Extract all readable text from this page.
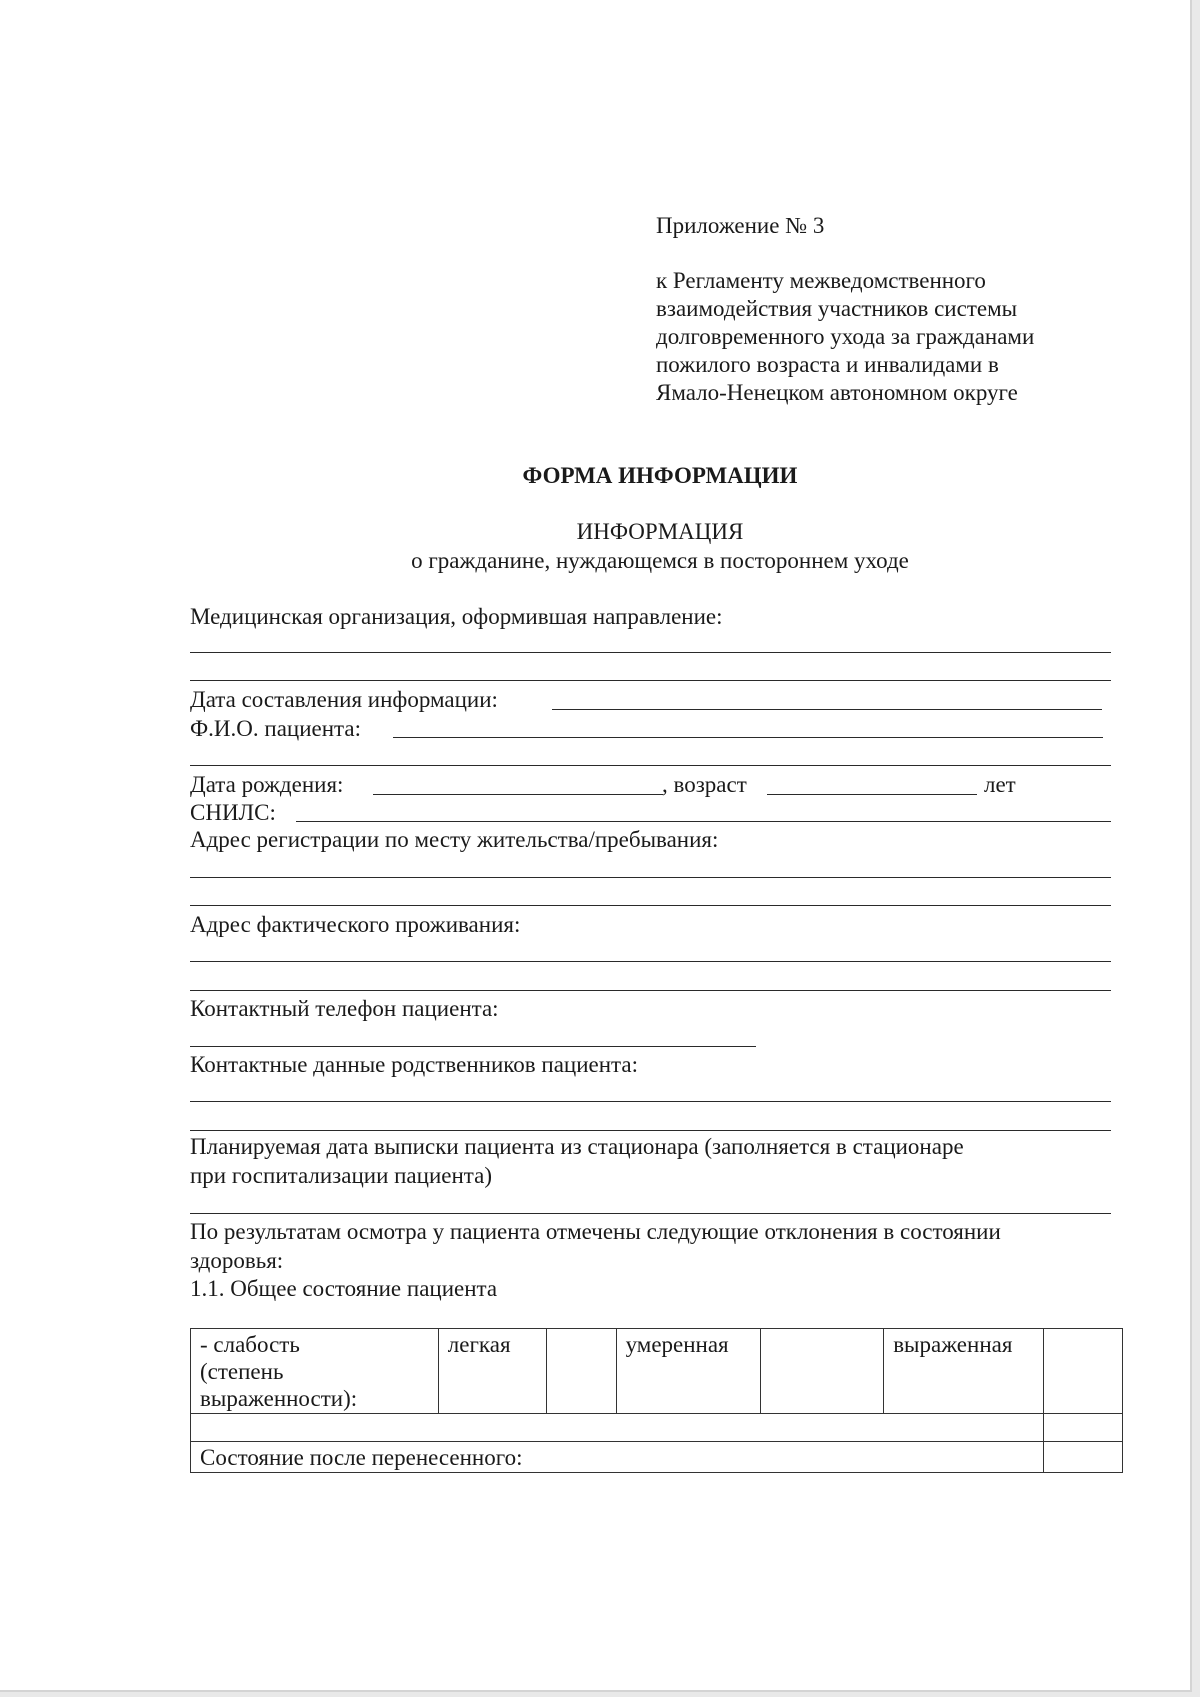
Приложение № 3
к Регламенту межведомственного
взаимодействия участников системы
долговременного ухода за гражданами
пожилого возраста и инвалидами в
Ямало-Ненецком автономном округе
ФОРМА ИНФОРМАЦИИ
ИНФОРМАЦИЯ
о гражданине, нуждающемся в постороннем уходе
Медицинская организация, оформившая направление:
Дата составления информации:
Ф.И.О. пациента:
Дата рождения:	, возраст	лет
СНИЛС:
Адрес регистрации по месту жительства/пребывания:
Адрес фактического проживания:
Контактный телефон пациента:
Контактные данные родственников пациента:
Планируемая дата выписки пациента из стационара (заполняется в стационаре
при госпитализации пациента)
По результатам осмотра у пациента отмечены следующие отклонения в состоянии
здоровья:
1.1. Общее состояние пациента
- слабость
(степень
выраженности):	легкая		умеренная		выраженная	

Состояние после перенесенного:						
